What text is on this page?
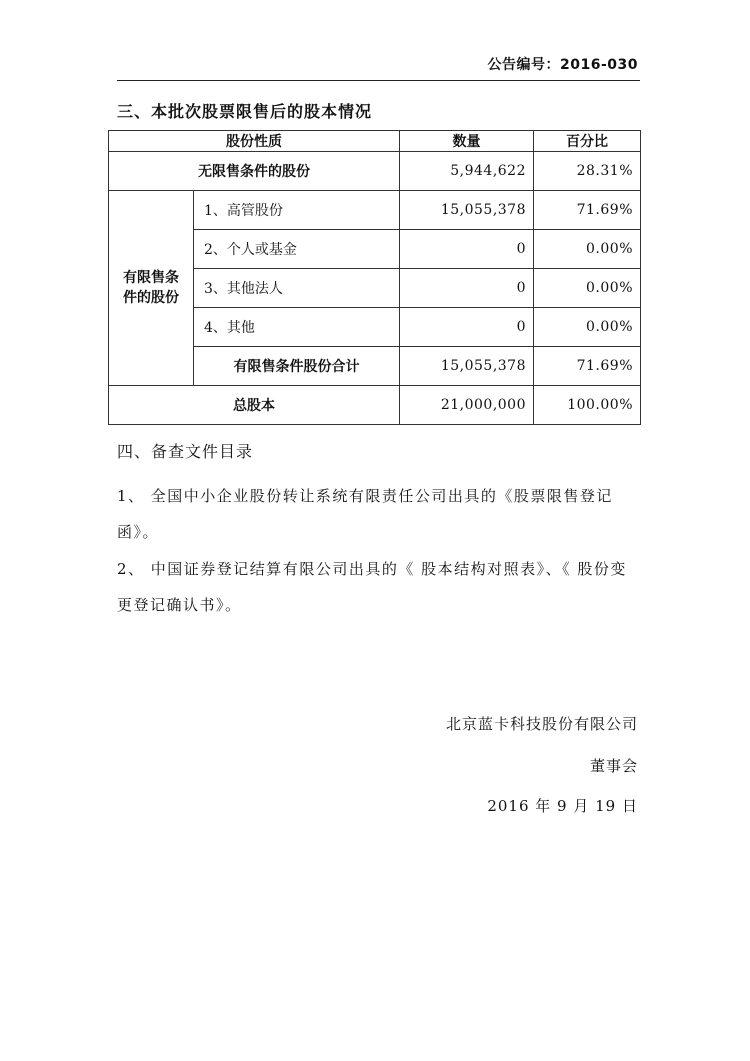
公告编号：2016-030
三、本批次股票限售后的股本情况
股份性质		数量	百分比
无限售条件的股份		5,944,622	28.31%
有限售条件的股份	1、高管股份	15,055,378	71.69%
	2、个人或基金	0	0.00%
	3、其他法人	0	0.00%
	4、其他	0	0.00%
	有限售条件股份合计	15,055,378	71.69%
总股本		21,000,000	100.00%
四、备查文件目录
1、 全国中小企业股份转让系统有限责任公司出具的《股票限售登记函》。
2、 中国证券登记结算有限公司出具的《 股本结构对照表》、《 股份变更登记确认书》。
北京蓝卡科技股份有限公司
董事会
2016 年 9 月 19 日
